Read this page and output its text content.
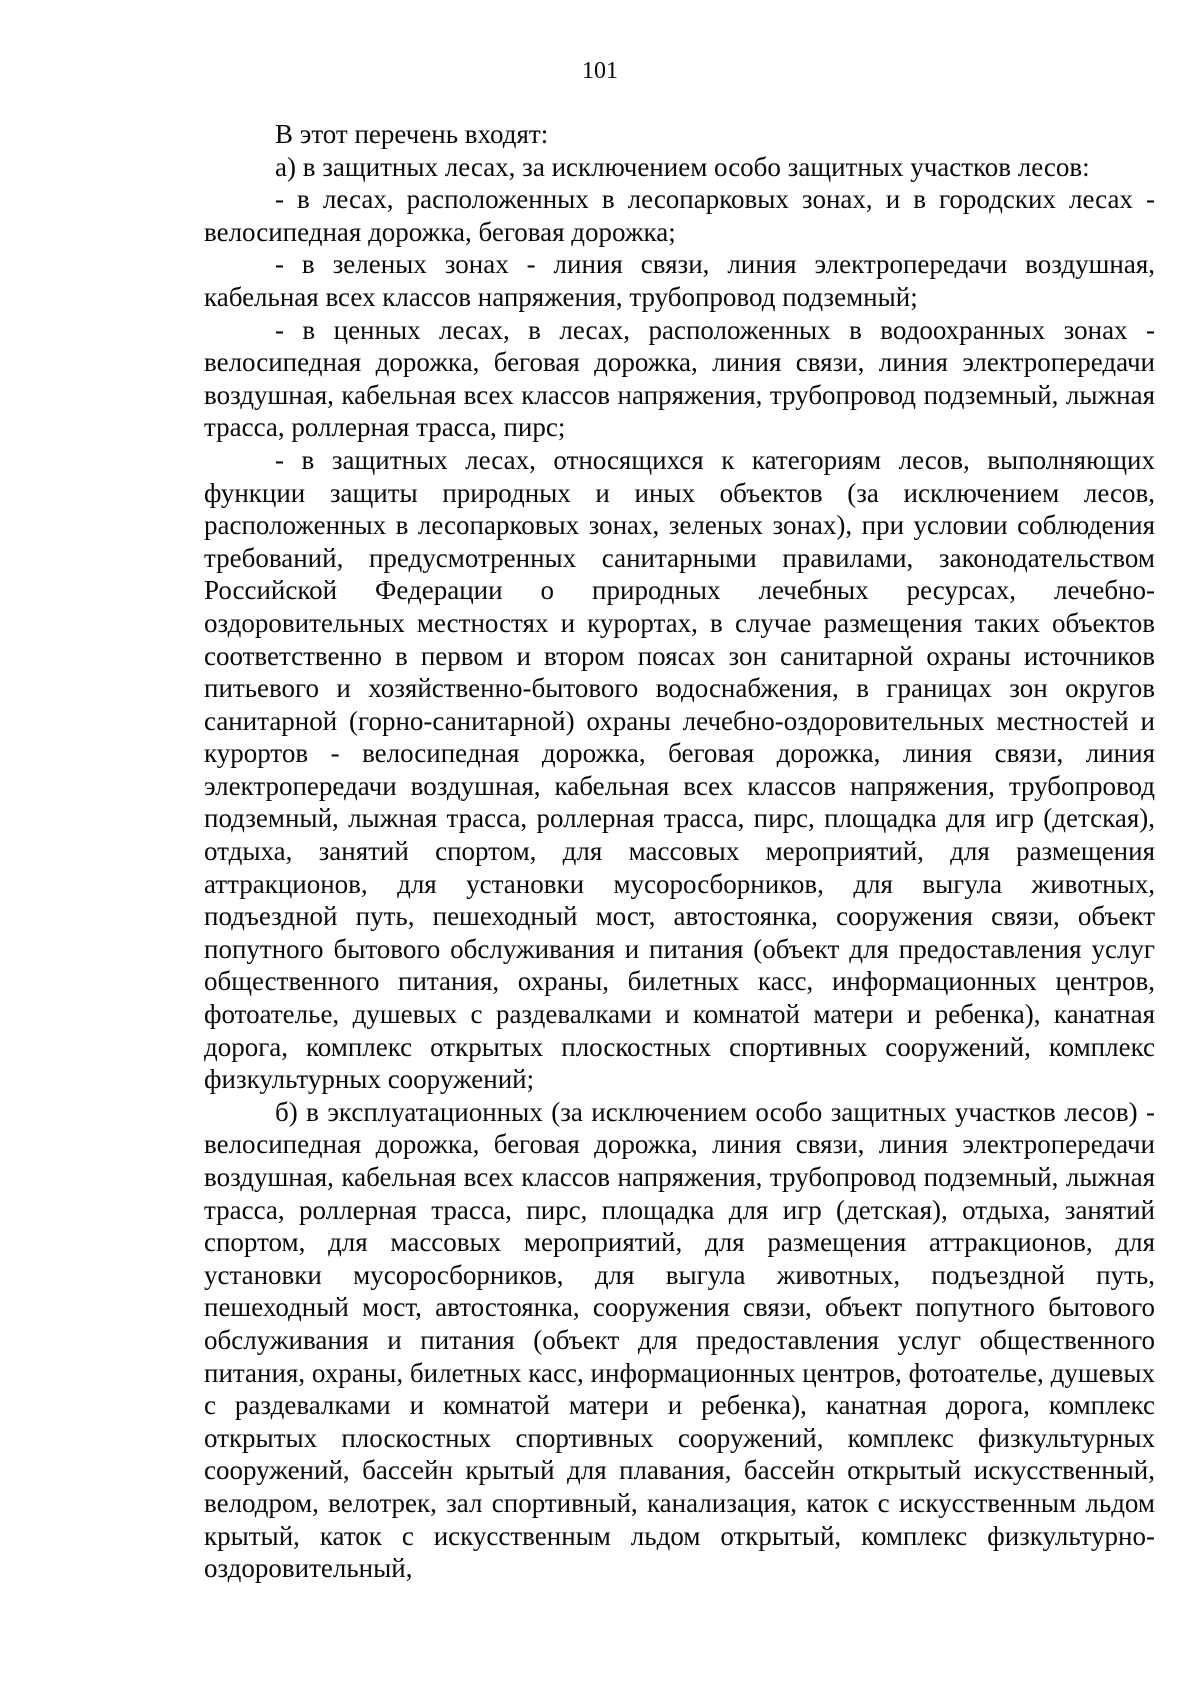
101

В этот перечень входят:

а) в защитных лесах, за исключением особо защитных участков лесов:

- в лесах, расположенных в лесопарковых зонах, и в городских лесах - велосипедная дорожка, беговая дорожка;

- в зеленых зонах - линия связи, линия электропередачи воздушная, кабельная всех классов напряжения, трубопровод подземный;

- в ценных лесах, в лесах, расположенных в водоохранных зонах - велосипедная дорожка, беговая дорожка, линия связи, линия электропередачи воздушная, кабельная всех классов напряжения, трубопровод подземный, лыжная трасса, роллерная трасса, пирс;

- в защитных лесах, относящихся к категориям лесов, выполняющих функции защиты природных и иных объектов (за исключением лесов, расположенных в лесопарковых зонах, зеленых зонах), при условии соблюдения требований, предусмотренных санитарными правилами, законодательством Российской Федерации о природных лечебных ресурсах, лечебно-оздоровительных местностях и курортах, в случае размещения таких объектов соответственно в первом и втором поясах зон санитарной охраны источников питьевого и хозяйственно-бытового водоснабжения, в границах зон округов санитарной (горно-санитарной) охраны лечебно-оздоровительных местностей и курортов - велосипедная дорожка, беговая дорожка, линия связи, линия электропередачи воздушная, кабельная всех классов напряжения, трубопровод подземный, лыжная трасса, роллерная трасса, пирс, площадка для игр (детская), отдыха, занятий спортом, для массовых мероприятий, для размещения аттракционов, для установки мусоросборников, для выгула животных, подъездной путь, пешеходный мост, автостоянка, сооружения связи, объект попутного бытового обслуживания и питания (объект для предоставления услуг общественного питания, охраны, билетных касс, информационных центров, фотоателье, душевых с раздевалками и комнатой матери и ребенка), канатная дорога, комплекс открытых плоскостных спортивных сооружений, комплекс физкультурных сооружений;

б) в эксплуатационных (за исключением особо защитных участков лесов) - велосипедная дорожка, беговая дорожка, линия связи, линия электропередачи воздушная, кабельная всех классов напряжения, трубопровод подземный, лыжная трасса, роллерная трасса, пирс, площадка для игр (детская), отдыха, занятий спортом, для массовых мероприятий, для размещения аттракционов, для установки мусоросборников, для выгула животных, подъездной путь, пешеходный мост, автостоянка, сооружения связи, объект попутного бытового обслуживания и питания (объект для предоставления услуг общественного питания, охраны, билетных касс, информационных центров, фотоателье, душевых с раздевалками и комнатой матери и ребенка), канатная дорога, комплекс открытых плоскостных спортивных сооружений, комплекс физкультурных сооружений, бассейн крытый для плавания, бассейн открытый искусственный, велодром, велотрек, зал спортивный, канализация, каток с искусственным льдом крытый, каток с искусственным льдом открытый, комплекс физкультурно-оздоровительный,
